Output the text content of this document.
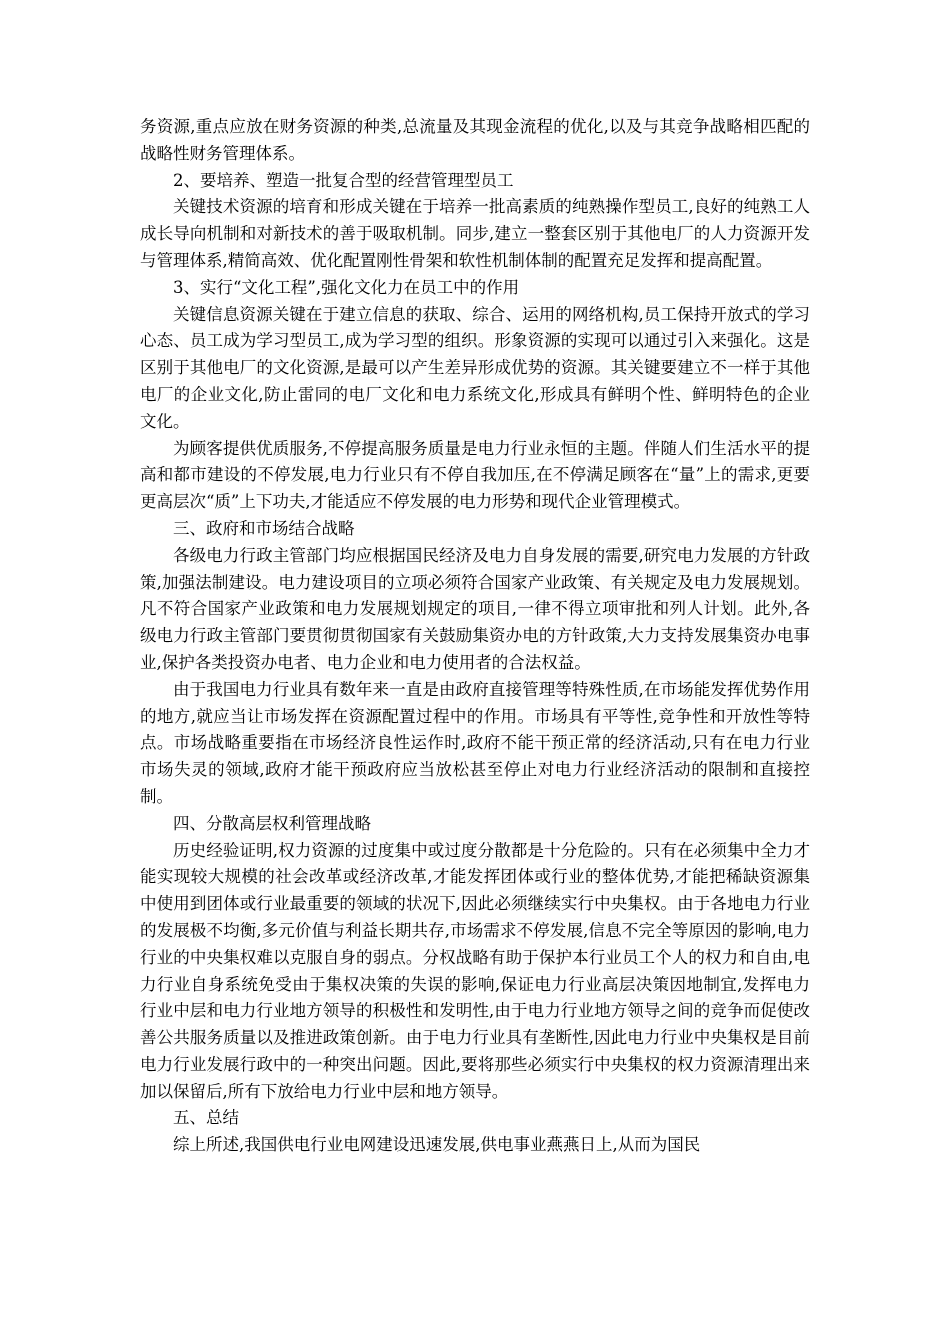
务资源,重点应放在财务资源的种类,总流量及其现金流程的优化,以及与其竞争战略相匹配的战略性财务管理体系。

2、要培养、塑造一批复合型的经营管理型员工

关键技术资源的培育和形成关键在于培养一批高素质的纯熟操作型员工,良好的纯熟工人成长导向机制和对新技术的善于吸取机制。同步,建立一整套区别于其他电厂的人力资源开发与管理体系,精简高效、优化配置刚性骨架和软性机制体制的配置充足发挥和提高配置。

3、实行“文化工程”,强化文化力在员工中的作用

关键信息资源关键在于建立信息的获取、综合、运用的网络机构,员工保持开放式的学习心态、员工成为学习型员工,成为学习型的组织。形象资源的实现可以通过引入来强化。这是区别于其他电厂的文化资源,是最可以产生差异形成优势的资源。其关键要建立不一样于其他电厂的企业文化,防止雷同的电厂文化和电力系统文化,形成具有鲜明个性、鲜明特色的企业文化。

为顾客提供优质服务,不停提高服务质量是电力行业永恒的主题。伴随人们生活水平的提高和都市建设的不停发展,电力行业只有不停自我加压,在不停满足顾客在“量”上的需求,更要更高层次“质”上下功夫,才能适应不停发展的电力形势和现代企业管理模式。

三、政府和市场结合战略

各级电力行政主管部门均应根据国民经济及电力自身发展的需要,研究电力发展的方针政策,加强法制建设。电力建设项目的立项必须符合国家产业政策、有关规定及电力发展规划。凡不符合国家产业政策和电力发展规划规定的项目,一律不得立项审批和列人计划。此外,各级电力行政主管部门要贯彻贯彻国家有关鼓励集资办电的方针政策,大力支持发展集资办电事业,保护各类投资办电者、电力企业和电力使用者的合法权益。

由于我国电力行业具有数年来一直是由政府直接管理等特殊性质,在市场能发挥优势作用的地方,就应当让市场发挥在资源配置过程中的作用。市场具有平等性,竞争性和开放性等特点。市场战略重要指在市场经济良性运作时,政府不能干预正常的经济活动,只有在电力行业市场失灵的领域,政府才能干预政府应当放松甚至停止对电力行业经济活动的限制和直接控制。

四、分散高层权利管理战略

历史经验证明,权力资源的过度集中或过度分散都是十分危险的。只有在必须集中全力才能实现较大规模的社会改革或经济改革,才能发挥团体或行业的整体优势,才能把稀缺资源集中使用到团体或行业最重要的领域的状况下,因此必须继续实行中央集权。由于各地电力行业的发展极不均衡,多元价值与利益长期共存,市场需求不停发展,信息不完全等原因的影响,电力行业的中央集权难以克服自身的弱点。分权战略有助于保护本行业员工个人的权力和自由,电力行业自身系统免受由于集权决策的失误的影响,保证电力行业高层决策因地制宜,发挥电力行业中层和电力行业地方领导的积极性和发明性,由于电力行业地方领导之间的竞争而促使改善公共服务质量以及推进政策创新。由于电力行业具有垄断性,因此电力行业中央集权是目前电力行业发展行政中的一种突出问题。因此,要将那些必须实行中央集权的权力资源清理出来加以保留后,所有下放给电力行业中层和地方领导。

五、总结

综上所述,我国供电行业电网建设迅速发展,供电事业燕燕日上,从而为国民
